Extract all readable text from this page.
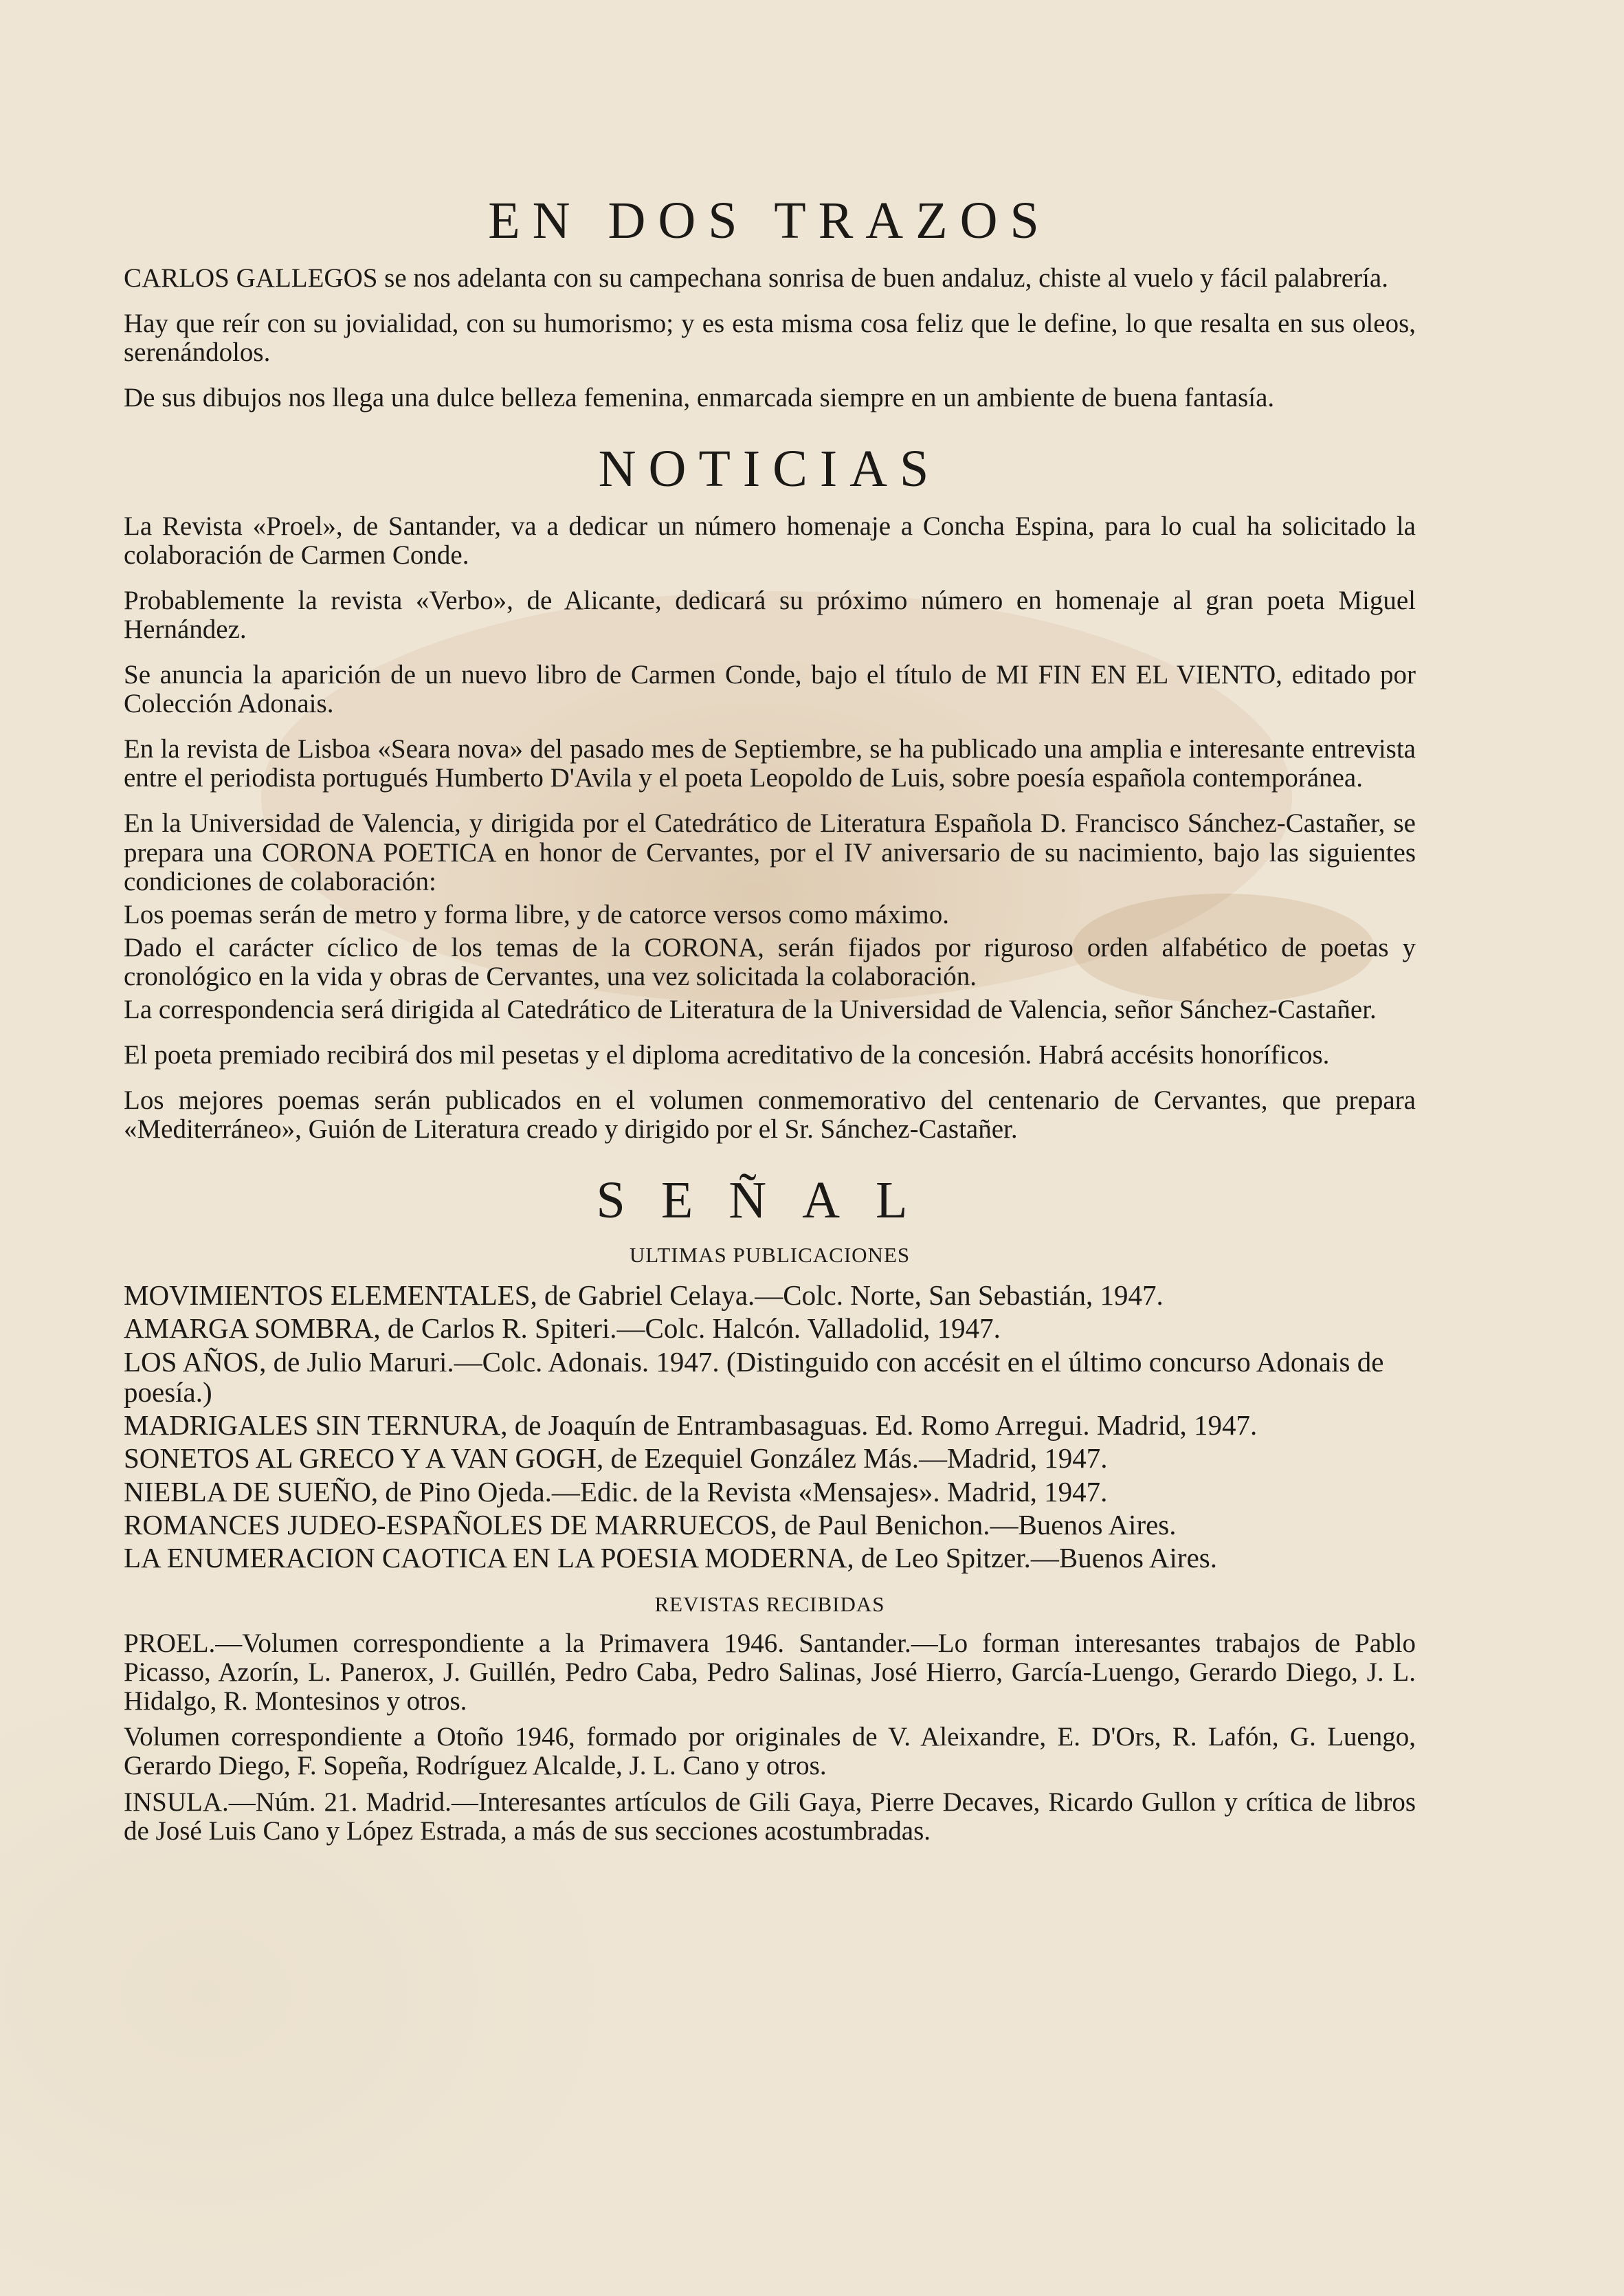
EN DOS TRAZOS

CARLOS GALLEGOS se nos adelanta con su campechana sonrisa de buen andaluz, chiste al vuelo y fácil palabrería.

Hay que reír con su jovialidad, con su humorismo; y es esta misma cosa feliz que le define, lo que resalta en sus oleos, serenándolos.

De sus dibujos nos llega una dulce belleza femenina, enmarcada siempre en un ambiente de buena fantasía.

NOTICIAS

La Revista «Proel», de Santander, va a dedicar un número homenaje a Concha Espina, para lo cual ha solicitado la colaboración de Carmen Conde.

Probablemente la revista «Verbo», de Alicante, dedicará su próximo número en homenaje al gran poeta Miguel Hernández.

Se anuncia la aparición de un nuevo libro de Carmen Conde, bajo el título de MI FIN EN EL VIENTO, editado por Colección Adonais.

En la revista de Lisboa «Seara nova» del pasado mes de Septiembre, se ha publicado una amplia e interesante entrevista entre el periodista portugués Humberto D'Avila y el poeta Leopoldo de Luis, sobre poesía española contemporánea.

En la Universidad de Valencia, y dirigida por el Catedrático de Literatura Española D. Francisco Sánchez-Castañer, se prepara una CORONA POETICA en honor de Cervantes, por el IV aniversario de su nacimiento, bajo las siguientes condiciones de colaboración:

Los poemas serán de metro y forma libre, y de catorce versos como máximo.

Dado el carácter cíclico de los temas de la CORONA, serán fijados por riguroso orden alfabético de poetas y cronológico en la vida y obras de Cervantes, una vez solicitada la colaboración.

La correspondencia será dirigida al Catedrático de Literatura de la Universidad de Valencia, señor Sánchez-Castañer.

El poeta premiado recibirá dos mil pesetas y el diploma acreditativo de la concesión. Habrá accésits honoríficos.

Los mejores poemas serán publicados en el volumen conmemorativo del centenario de Cervantes, que prepara «Mediterráneo», Guión de Literatura creado y dirigido por el Sr. Sánchez-Castañer.

SEÑAL
ULTIMAS PUBLICACIONES

MOVIMIENTOS ELEMENTALES, de Gabriel Celaya.—Colc. Norte, San Sebastián, 1947.

AMARGA SOMBRA, de Carlos R. Spiteri.—Colc. Halcón. Valladolid, 1947.

LOS AÑOS, de Julio Maruri.—Colc. Adonais. 1947. (Distinguido con accésit en el último concurso Adonais de poesía.)

MADRIGALES SIN TERNURA, de Joaquín de Entrambasaguas. Ed. Romo Arregui. Madrid, 1947.

SONETOS AL GRECO Y A VAN GOGH, de Ezequiel González Más.—Madrid, 1947.

NIEBLA DE SUEÑO, de Pino Ojeda.—Edic. de la Revista «Mensajes». Madrid, 1947.

ROMANCES JUDEO-ESPAÑOLES DE MARRUECOS, de Paul Benichon.—Buenos Aires.

LA ENUMERACION CAOTICA EN LA POESIA MODERNA, de Leo Spitzer.—Buenos Aires.

REVISTAS RECIBIDAS

PROEL.—Volumen correspondiente a la Primavera 1946. Santander.—Lo forman interesantes trabajos de Pablo Picasso, Azorín, L. Panerox, J. Guillén, Pedro Caba, Pedro Salinas, José Hierro, García-Luengo, Gerardo Diego, J. L. Hidalgo, R. Montesinos y otros.

Volumen correspondiente a Otoño 1946, formado por originales de V. Aleixandre, E. D'Ors, R. Lafón, G. Luengo, Gerardo Diego, F. Sopeña, Rodríguez Alcalde, J. L. Cano y otros.

INSULA.—Núm. 21. Madrid.—Interesantes artículos de Gili Gaya, Pierre Decaves, Ricardo Gullon y crítica de libros de José Luis Cano y López Estrada, a más de sus secciones acostumbradas.
